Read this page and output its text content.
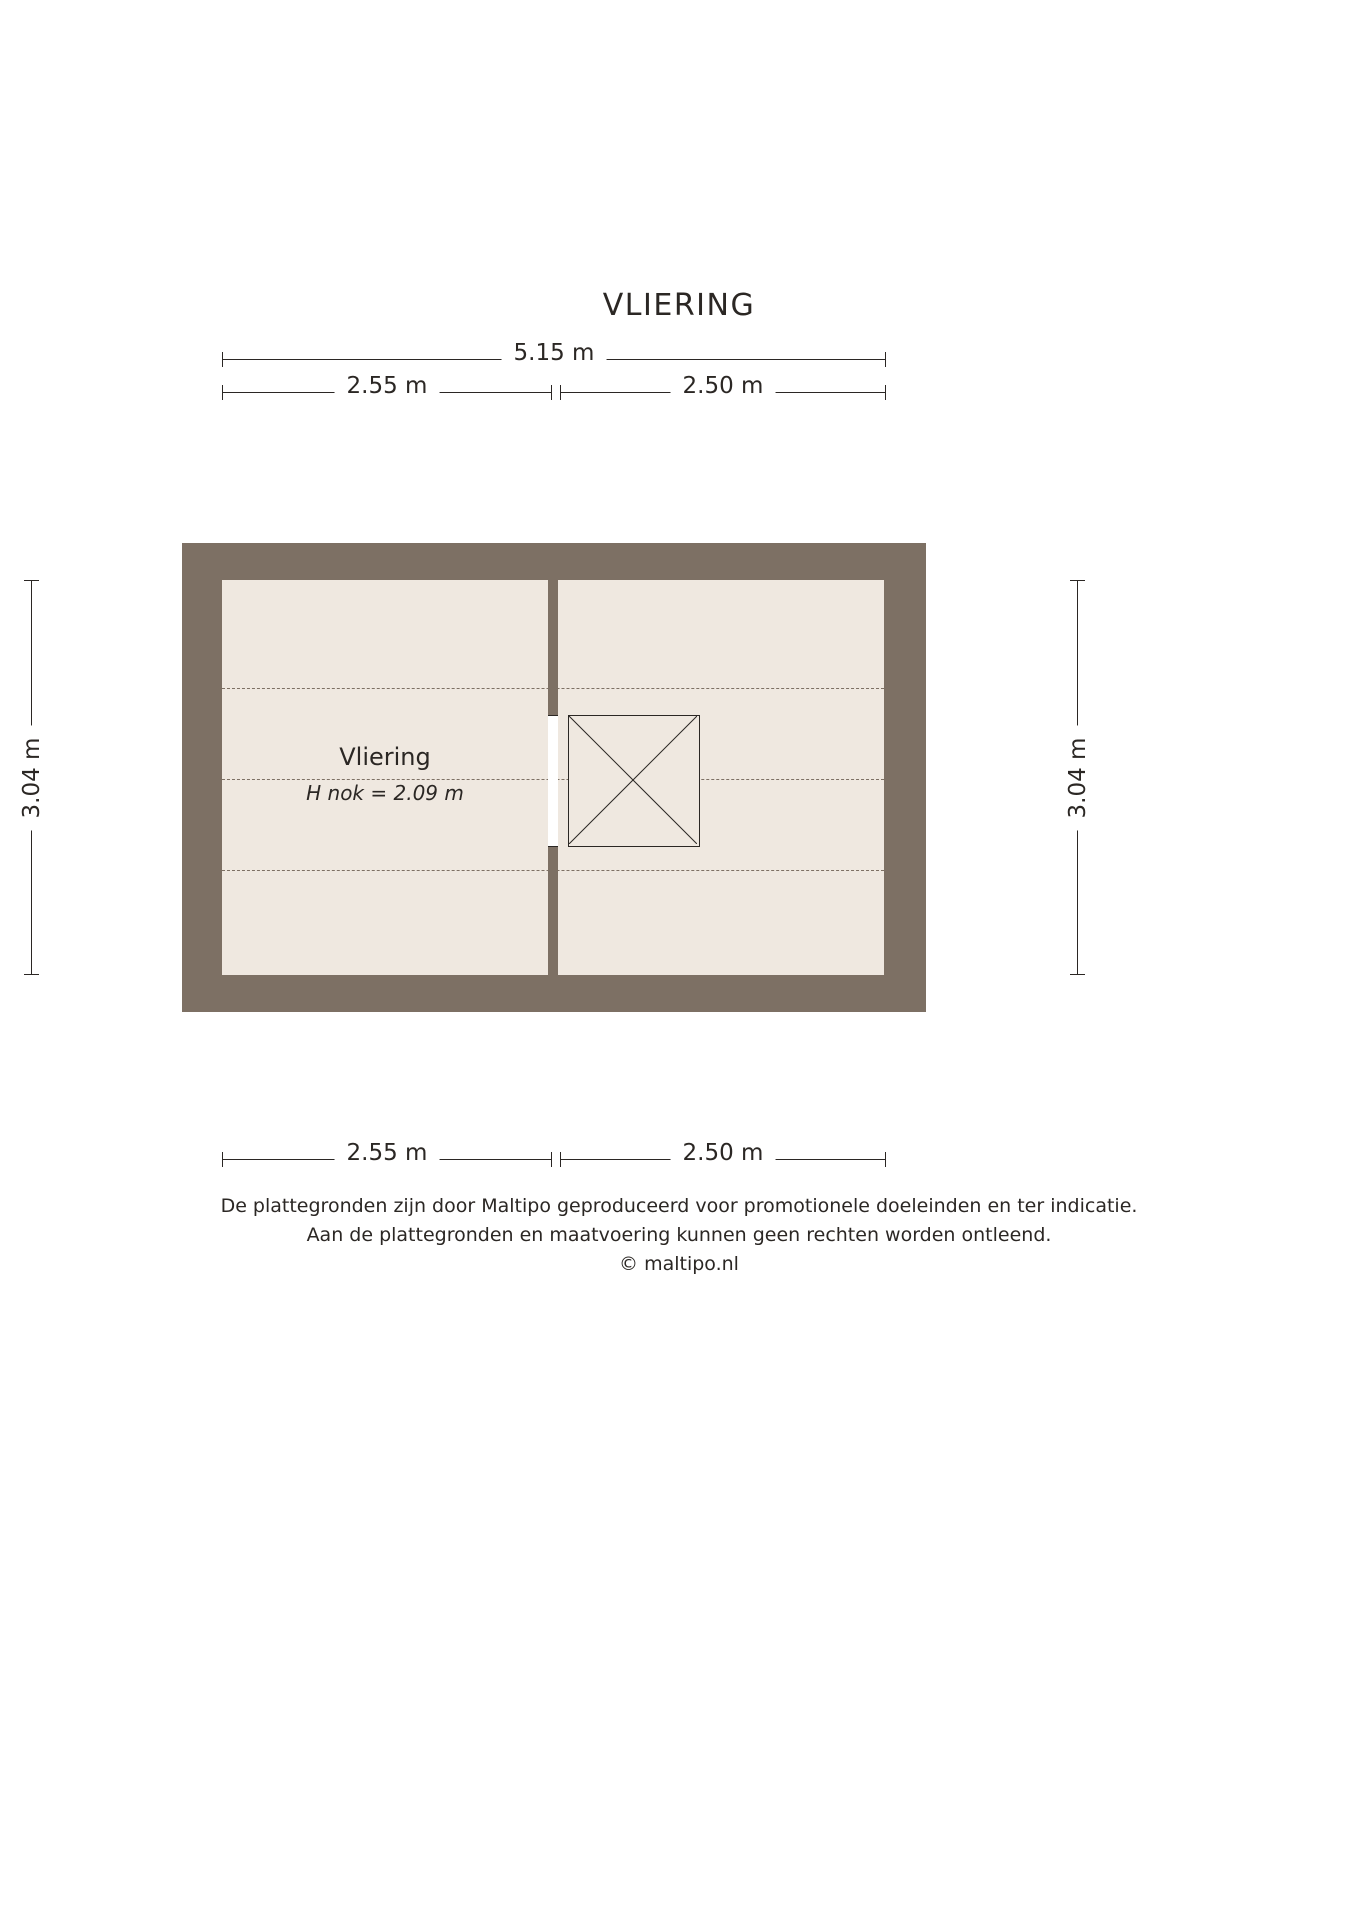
VLIERING
5.15 m
2.55 m	2.50 m
3.04 m	3.04 m
Vliering
H nok = 2.09 m
2.55 m	2.50 m
De plattegronden zijn door Maltipo geproduceerd voor promotionele doeleinden en ter indicatie.
Aan de plattegronden en maatvoering kunnen geen rechten worden ontleend.
© maltipo.nl
